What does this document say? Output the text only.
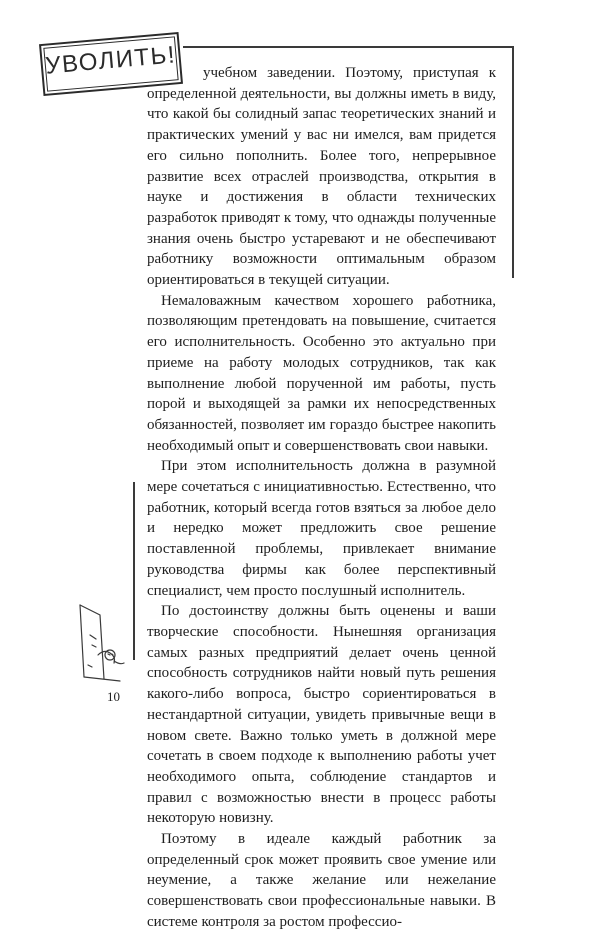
УВОЛИТЬ!	учебном заведении. Поэтому, приступая к определенной деятельности, вы должны иметь в виду, что какой бы солидный запас теоретических знаний и практических умений у вас ни имелся, вам придется его сильно пополнить. Более того, непрерывное развитие всех отраслей производства, открытия в науке и достижения в области технических разработок приводят к тому, что однажды полученные знания очень быстро устаревают и не обеспечивают работнику возможности оптимальным образом ориентироваться в текущей ситуации.

Немаловажным качеством хорошего работника, позволяющим претендовать на повышение, считается его исполнительность. Особенно это актуально при приеме на работу молодых сотрудников, так как выполнение любой порученной им работы, пусть порой и выходящей за рамки их непосредственных обязанностей, позволяет им гораздо быстрее накопить необходимый опыт и совершенствовать свои навыки.

При этом исполнительность должна в разумной мере сочетаться с инициативностью. Естественно, что работник, который всегда готов взяться за любое дело и нередко может предложить свое решение поставленной проблемы, привлекает внимание руководства фирмы как более перспективный специалист, чем просто послушный исполнитель.

По достоинству должны быть оценены и ваши творческие способности. Нынешняя организация самых разных предприятий делает очень ценной способность сотрудников найти новый путь решения какого-либо вопроса, быстро сориентироваться в нестандартной ситуации, увидеть привычные вещи в новом свете. Важно только уметь в должной мере сочетать в своем подходе к выполнению работы учет необходимого опыта, соблюдение стандартов и правил с возможностью внести в процесс работы некоторую новизну.

Поэтому в идеале каждый работник за определенный срок может проявить свое умение или неумение, а также желание или нежелание совершенствовать свои профессиональные навыки. В системе контроля за ростом профессио-

10
